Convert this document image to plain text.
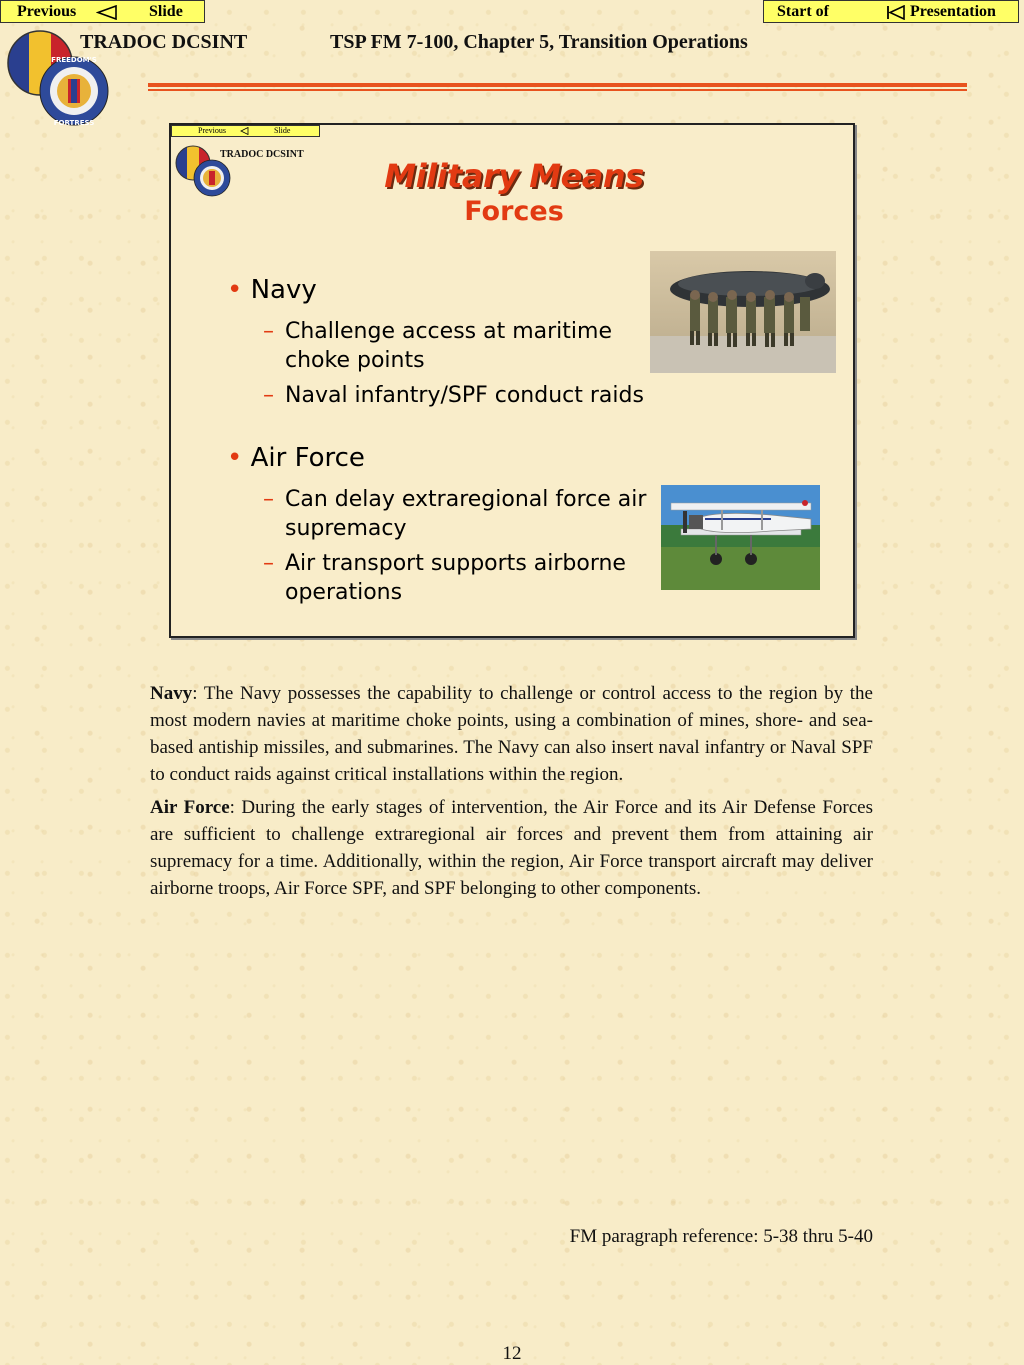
Previous	Slide	Start of	Presentation
FREEDOM'S
FORTRESS
TRADOC DCSINT	TSP FM 7-100, Chapter 5, Transition Operations
Previous	Slide
TRADOC DCSINT
Military Means
Forces
• Navy
– Challenge access at maritime choke points
– Naval infantry/SPF conduct raids
• Air Force
– Can delay extraregional force air supremacy
– Air transport supports airborne operations

Navy: The Navy possesses the capability to challenge or control access to the region by the most modern navies at maritime choke points, using a combination of mines, shore- and sea-based antiship missiles, and submarines. The Navy can also insert naval infantry or Naval SPF to conduct raids against critical installations within the region.

Air Force: During the early stages of intervention, the Air Force and its Air Defense Forces are sufficient to challenge extraregional air forces and prevent them from attaining air supremacy for a time. Additionally, within the region, Air Force transport aircraft may deliver airborne troops, Air Force SPF, and SPF belonging to other components.

FM paragraph reference: 5-38 thru 5-40
12
